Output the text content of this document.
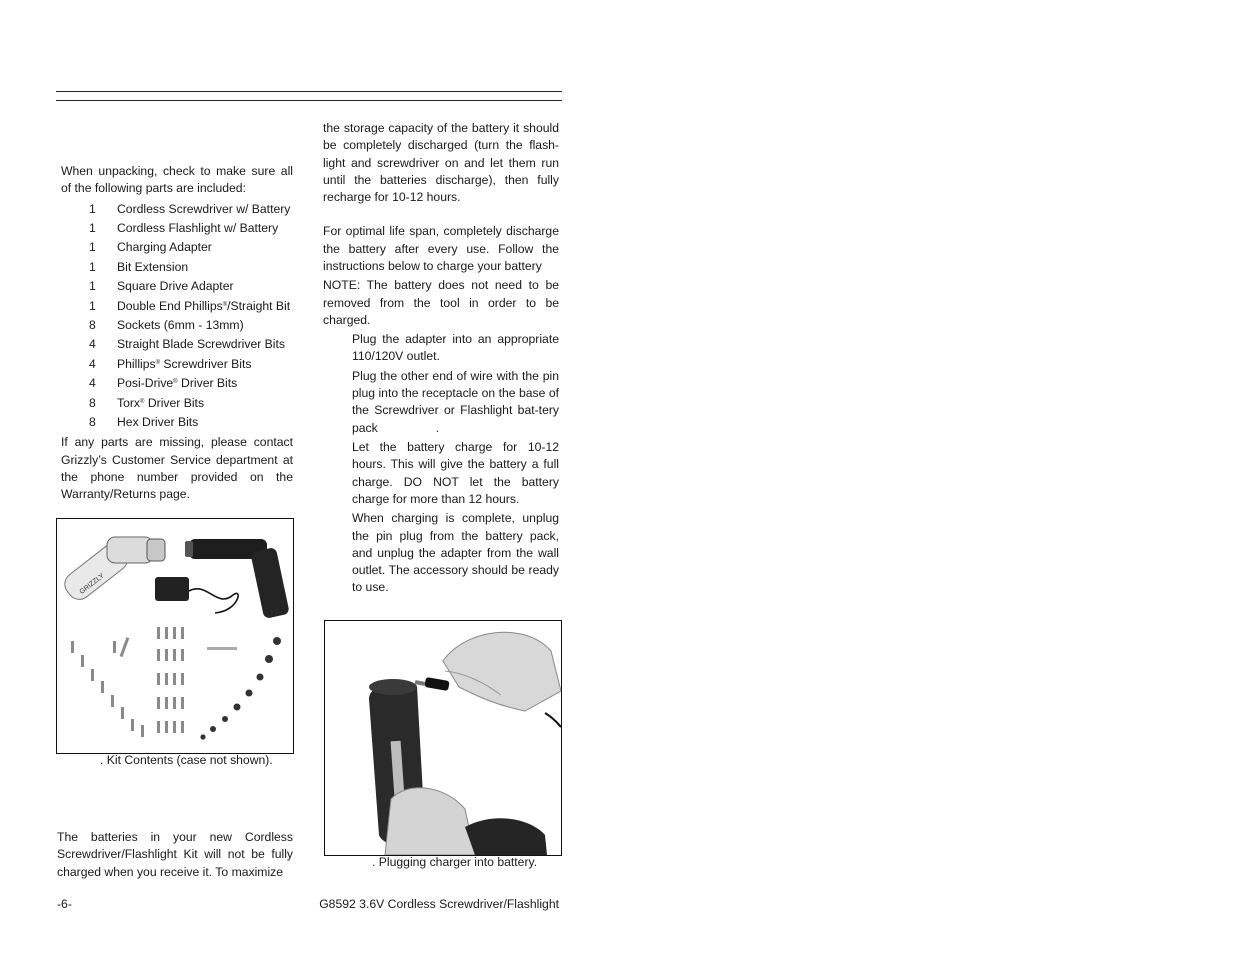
When unpacking, check to make sure all of the following parts are included:

1	Cordless Screwdriver w/ Battery
1	Cordless Flashlight w/ Battery
1	Charging Adapter
1	Bit Extension
1	Square Drive Adapter
1	Double End Phillips®/Straight Bit
8	Sockets (6mm - 13mm)
4	Straight Blade Screwdriver Bits
4	Phillips® Screwdriver Bits
4	Posi-Drive® Driver Bits
8	Torx® Driver Bits
8	Hex Driver Bits

If any parts are missing, please contact Grizzly’s Customer Service department at the phone number provided on the Warranty/Returns page.

GRIZZLY
. Kit Contents (case not shown).

The batteries in your new Cordless Screwdriver/Flashlight Kit will not be fully charged when you receive it. To maximize

the storage capacity of the battery it should be completely discharged (turn the flash-light and screwdriver on and let them run until the batteries discharge), then fully recharge for 10-12 hours.

For optimal life span, completely discharge the battery after every use. Follow the instructions below to charge your battery

NOTE: The battery does not need to be removed from the tool in order to be charged.

Plug the adapter into an appropriate 110/120V outlet.
Plug the other end of wire with the pin plug into the receptacle on the base of the Screwdriver or Flashlight bat-tery pack	.
Let the battery charge for 10-12 hours. This will give the battery a full charge. DO NOT let the battery charge for more than 12 hours.
When charging is complete, unplug the pin plug from the battery pack, and unplug the adapter from the wall outlet. The accessory should be ready to use.
. Plugging charger into battery.
-6-	G8592 3.6V Cordless Screwdriver/Flashlight
